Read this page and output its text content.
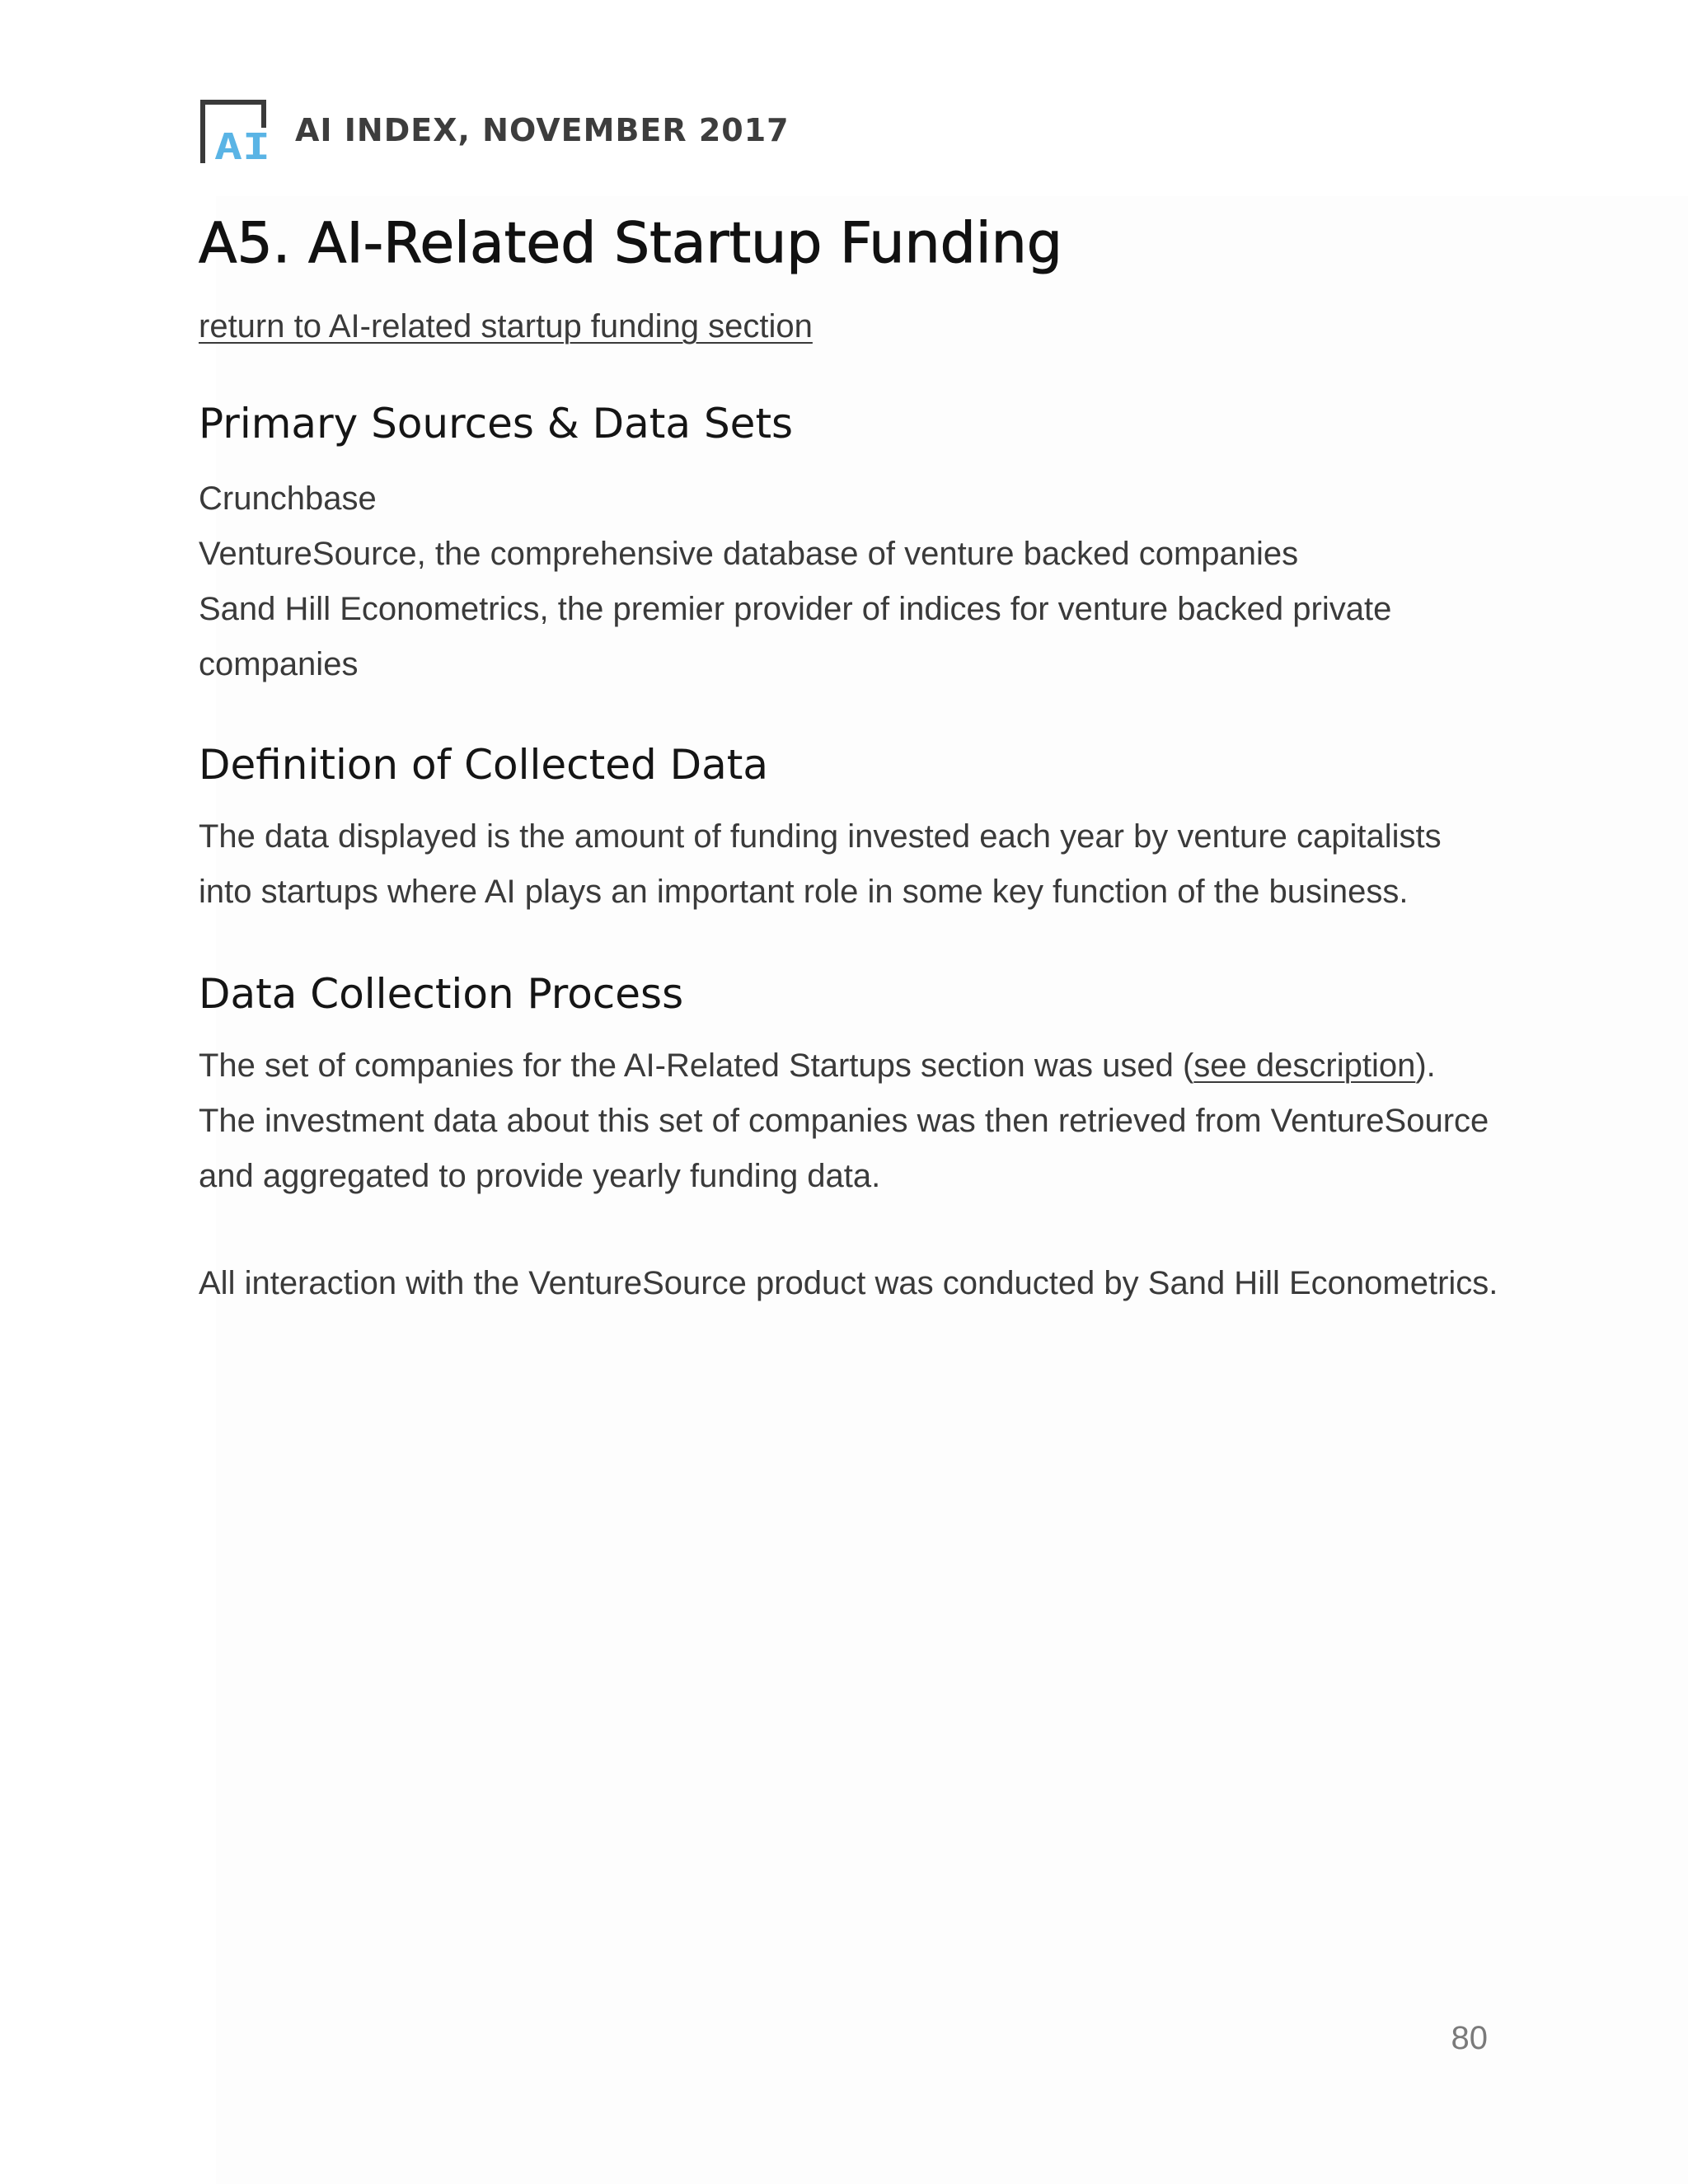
AI AI INDEX, NOVEMBER 2017
A5. AI-Related Startup Funding
return to AI-related startup funding section
Primary Sources & Data Sets
Crunchbase
VentureSource, the comprehensive database of venture backed companies
Sand Hill Econometrics, the premier provider of indices for venture backed private companies
Definition of Collected Data

The data displayed is the amount of funding invested each year by venture capitalists into startups where AI plays an important role in some key function of the business.

Data Collection Process

The set of companies for the AI-Related Startups section was used (see description). The investment data about this set of companies was then retrieved from VentureSource and aggregated to provide yearly funding data.

All interaction with the VentureSource product was conducted by Sand Hill Econometrics.

80
